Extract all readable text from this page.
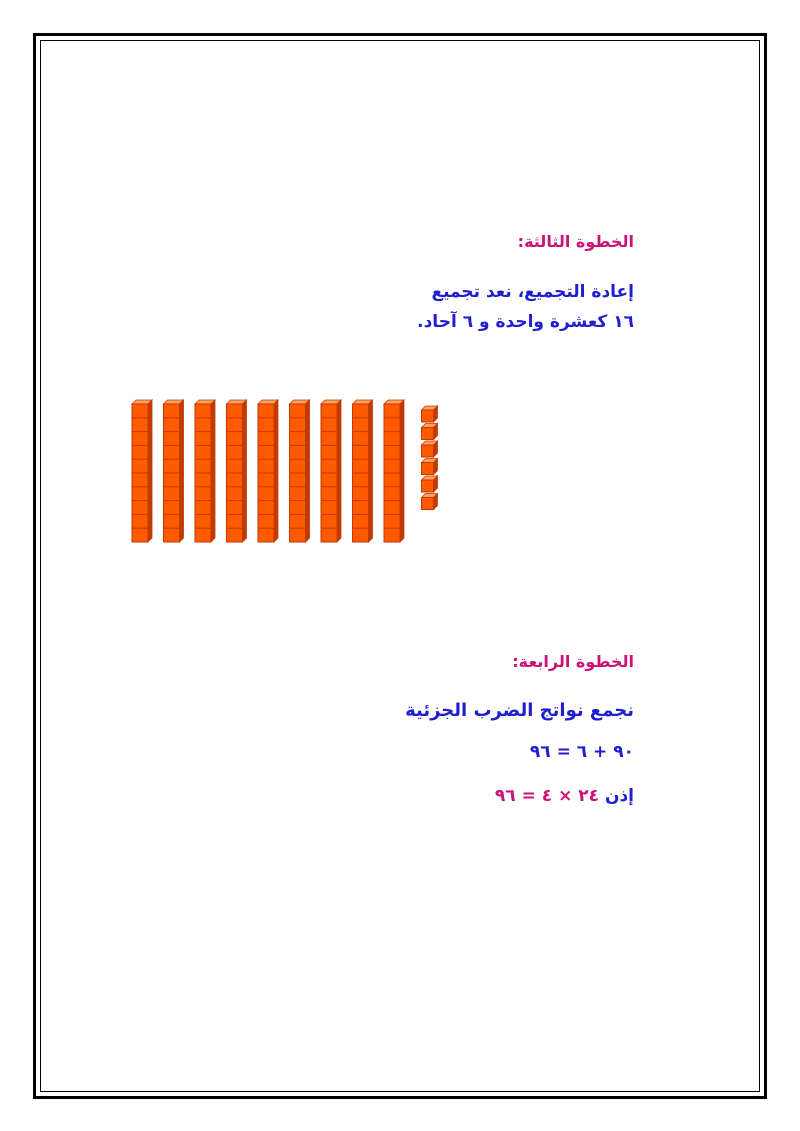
الخطوة الثالثة:
إعادة التجميع، نعد تجميع
١٦ كعشرة واحدة و ٦ آحاد.
الخطوة الرابعة:
نجمع نواتج الضرب الجزئية
٩٠ + ٦ = ٩٦
إذن ٢٤ × ٤ = ٩٦
